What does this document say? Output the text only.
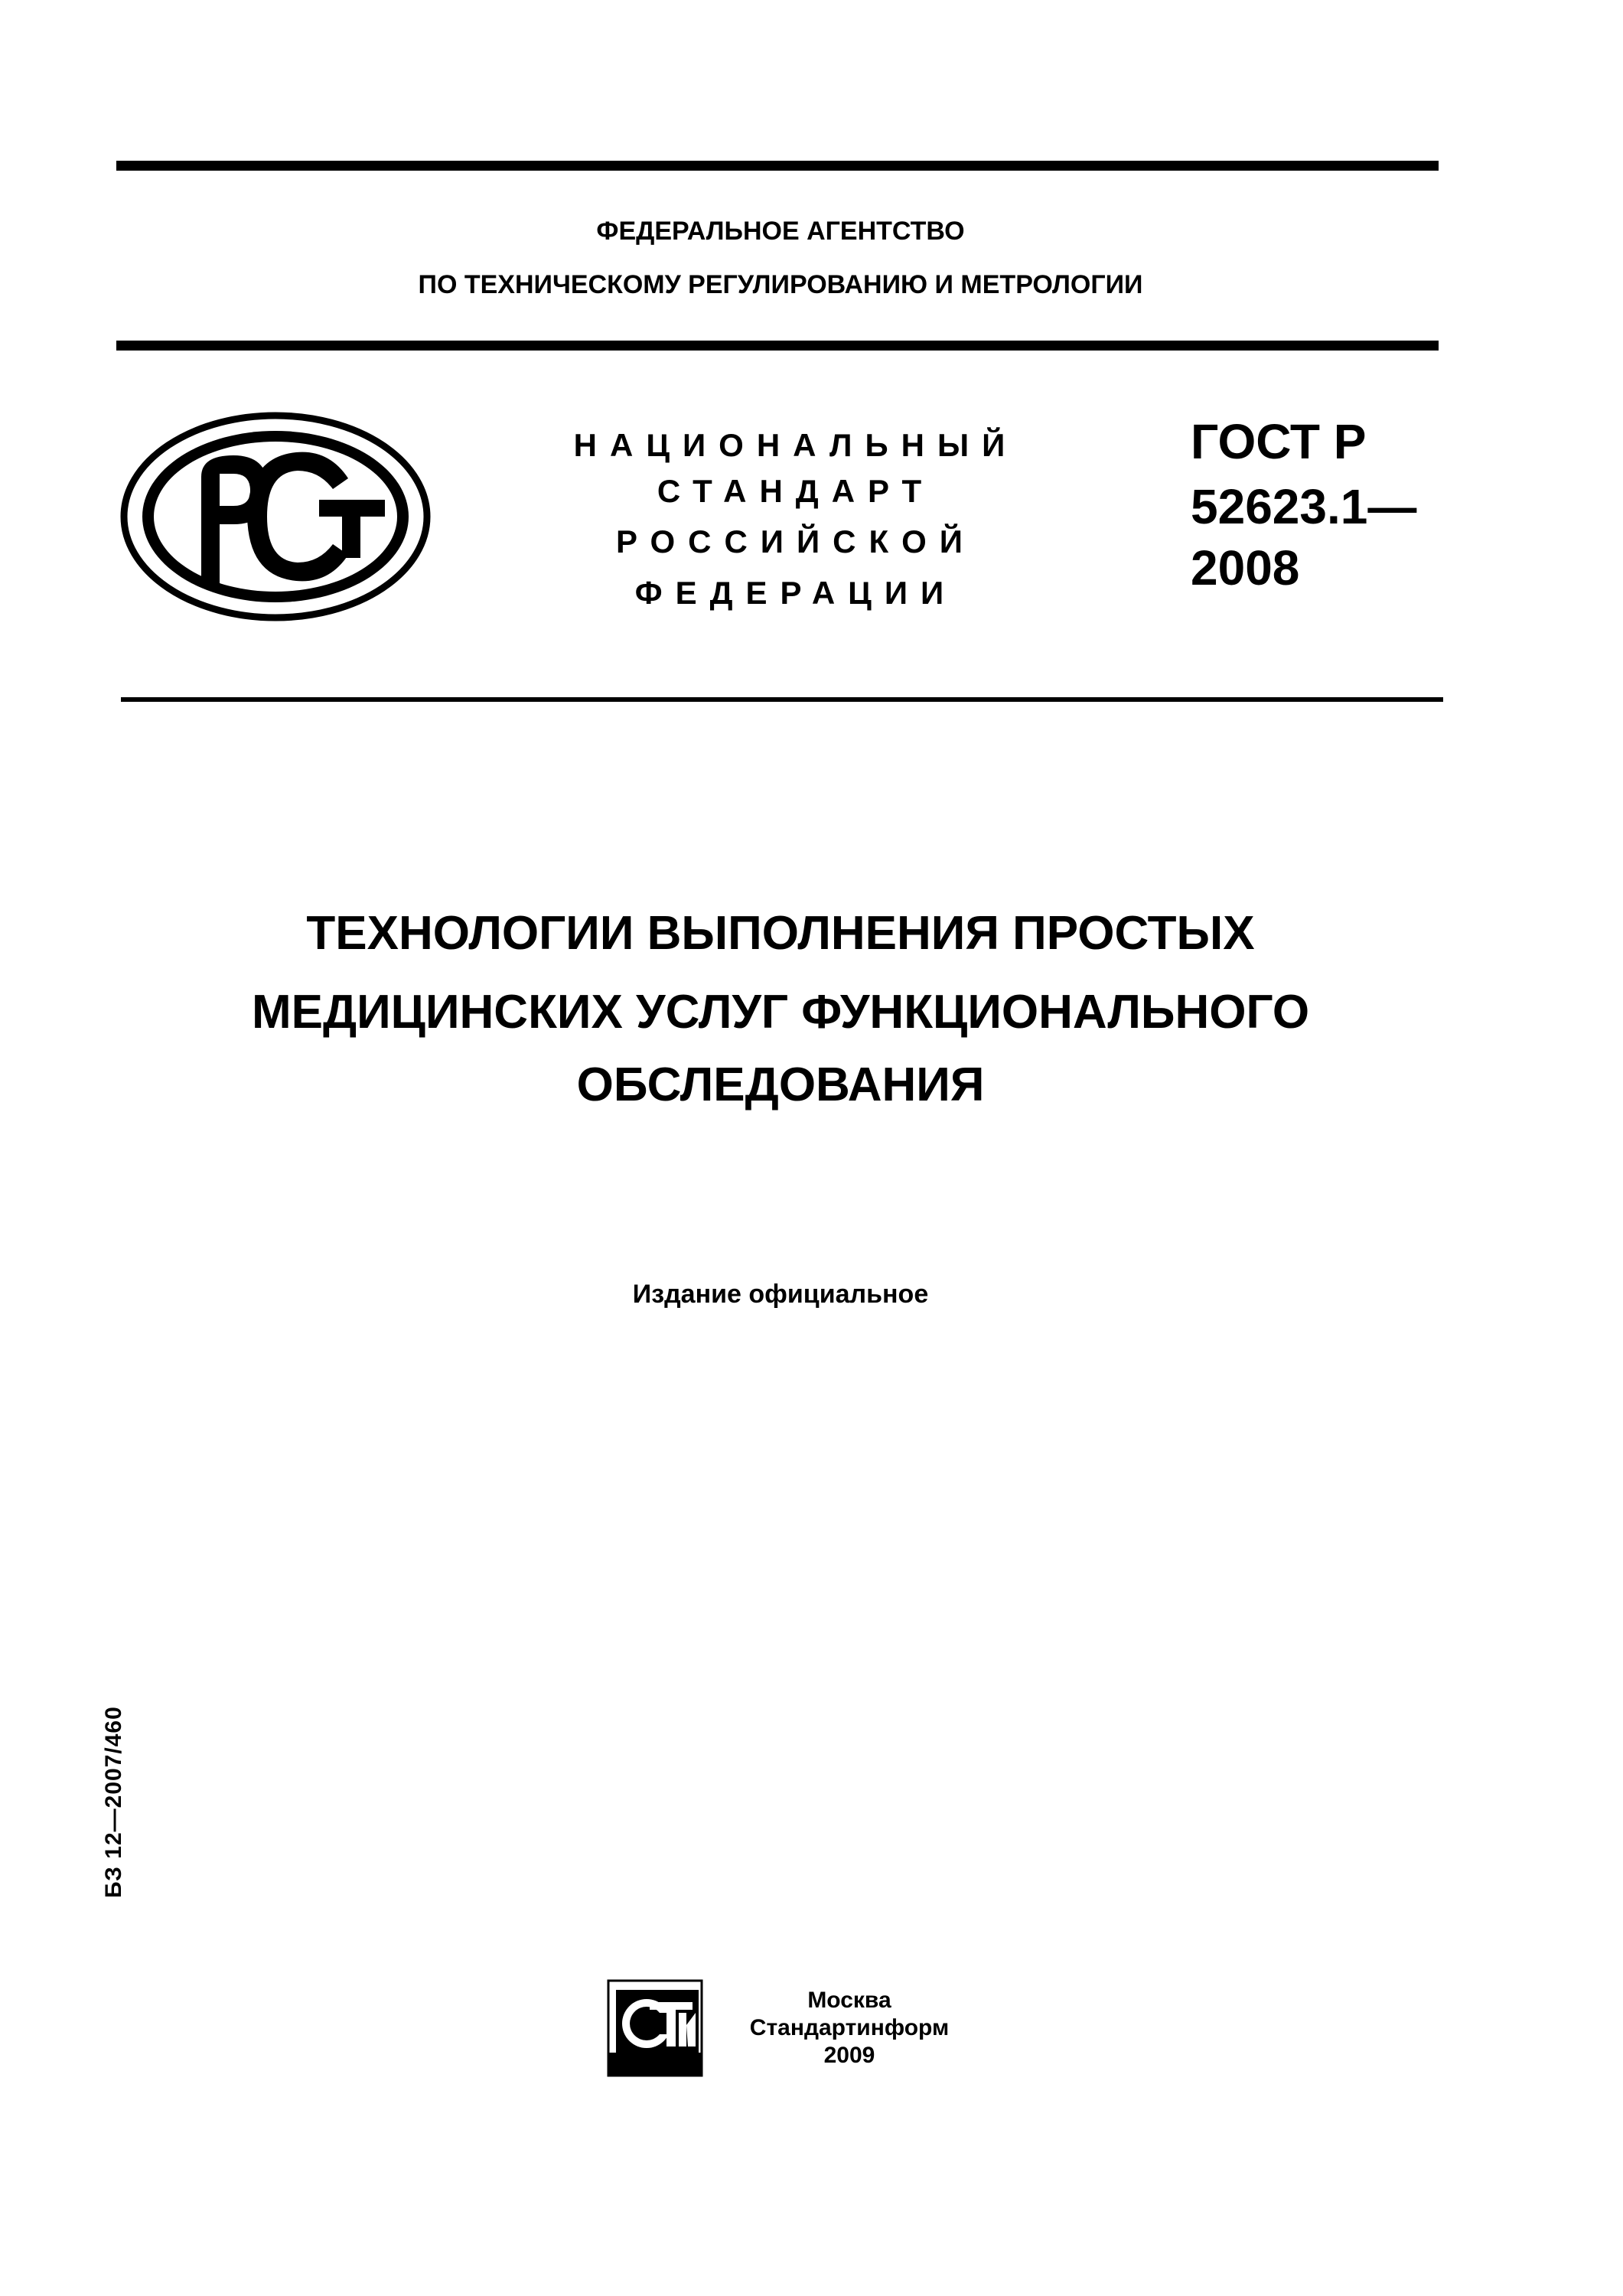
ФЕДЕРАЛЬНОЕ АГЕНТСТВО
ПО ТЕХНИЧЕСКОМУ РЕГУЛИРОВАНИЮ И МЕТРОЛОГИИ
НАЦИОНАЛЬНЫЙ
СТАНДАРТ
РОССИЙСКОЙ
ФЕДЕРАЦИИ
ГОСТ Р
52623.1—
2008
ТЕХНОЛОГИИ ВЫПОЛНЕНИЯ ПРОСТЫХ
МЕДИЦИНСКИХ УСЛУГ ФУНКЦИОНАЛЬНОГО
ОБСЛЕДОВАНИЯ
Издание официальное
БЗ 12—2007/460
Москва
Стандартинформ
2009
